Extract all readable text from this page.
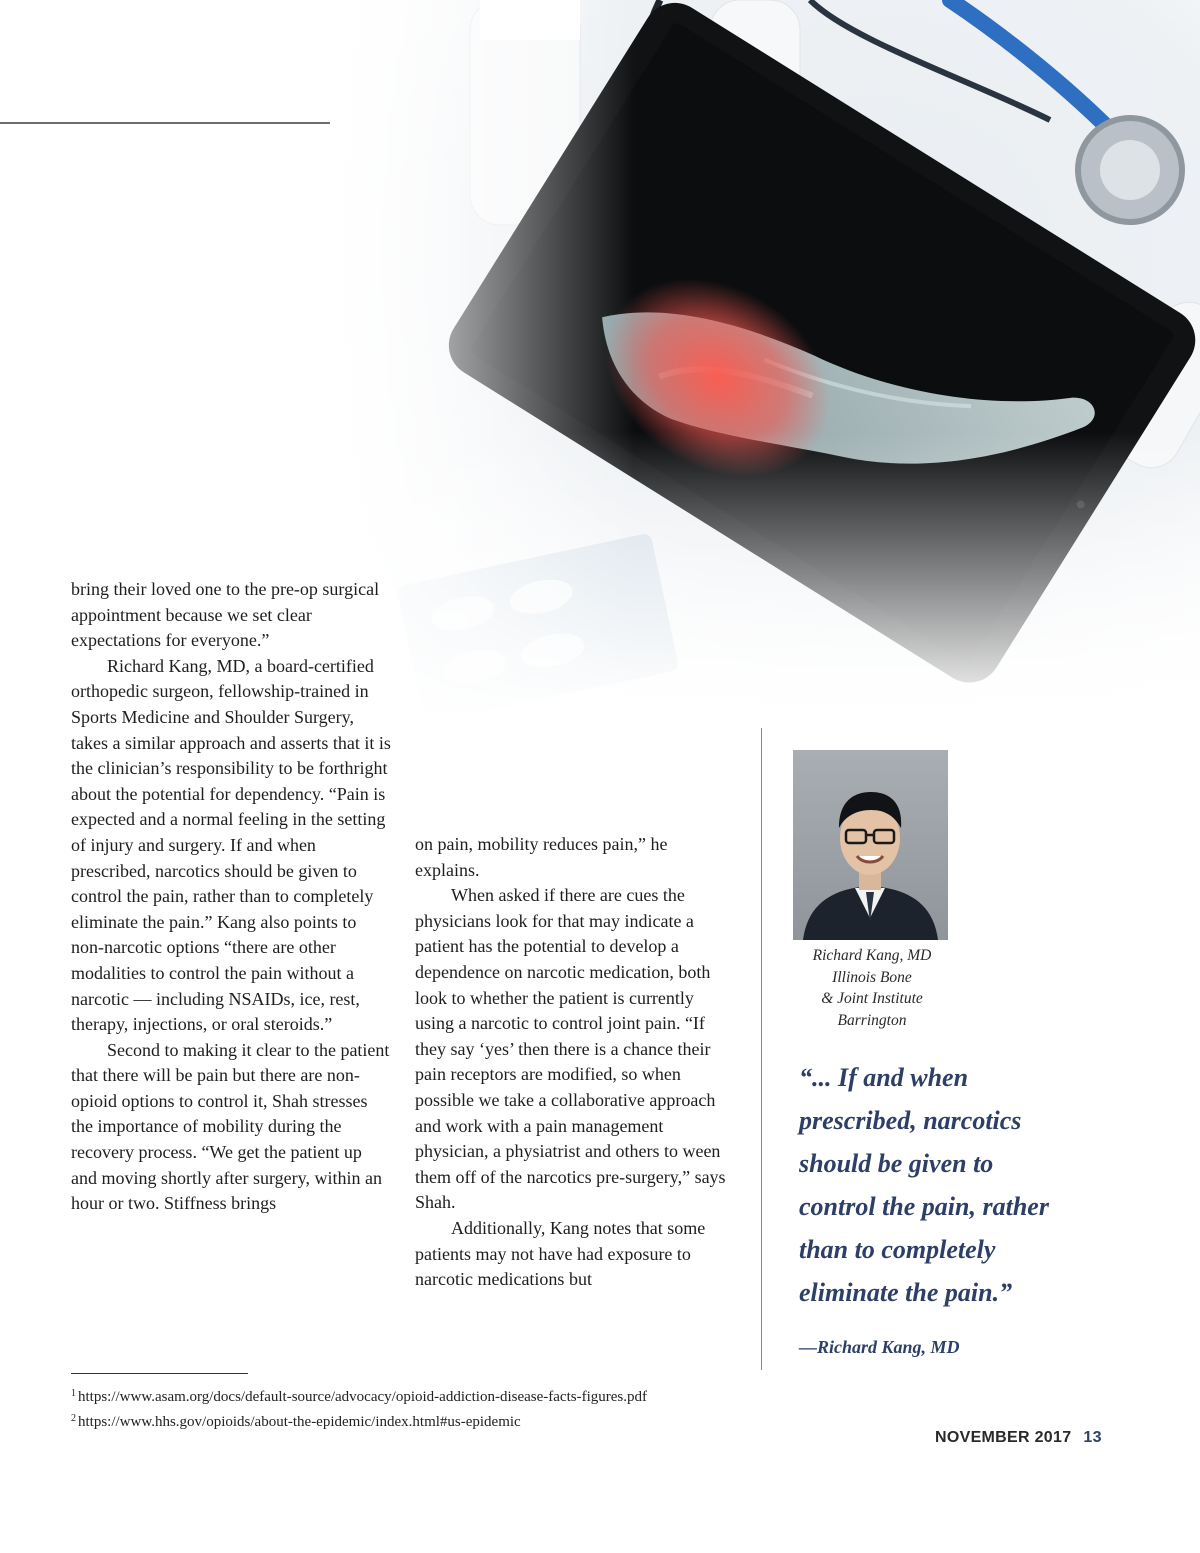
bring their loved one to the pre-op surgical appointment because we set clear expectations for everyone.”

Richard Kang, MD, a board-certified orthopedic surgeon, fellowship-trained in Sports Medicine and Shoulder Surgery, takes a similar approach and asserts that it is the clinician’s responsibility to be forthright about the potential for dependency. “Pain is expected and a normal feeling in the setting of injury and surgery. If and when prescribed, narcotics should be given to control the pain, rather than to completely eliminate the pain.” Kang also points to non-narcotic options “there are other modalities to control the pain without a narcotic — including NSAIDs, ice, rest, therapy, injections, or oral steroids.”

Second to making it clear to the patient that there will be pain but there are non-opioid options to control it, Shah stresses the importance of mobility during the recovery process. “We get the patient up and moving shortly after surgery, within an hour or two. Stiffness brings

on pain, mobility reduces pain,” he explains.

When asked if there are cues the physicians look for that may indicate a patient has the potential to develop a dependence on narcotic medication, both look to whether the patient is currently using a narcotic to control joint pain. “If they say ‘yes’ then there is a chance their pain receptors are modified, so when possible we take a collaborative approach and work with a pain management physician, a physiatrist and others to ween them off of the narcotics pre-surgery,” says Shah.

Additionally, Kang notes that some patients may not have had exposure to narcotic medications but

Richard Kang, MD
Illinois Bone
& Joint Institute
Barrington
“... If and when
prescribed, narcotics
should be given to
control the pain, rather
than to completely
eliminate the pain.”
—Richard Kang, MD
$^1$ https://www.asam.org/docs/default-source/advocacy/opioid-addiction-disease-facts-figures.pdf
$^2$ https://www.hhs.gov/opioids/about-the-epidemic/index.html#us-epidemic
NOVEMBER 2017 13
